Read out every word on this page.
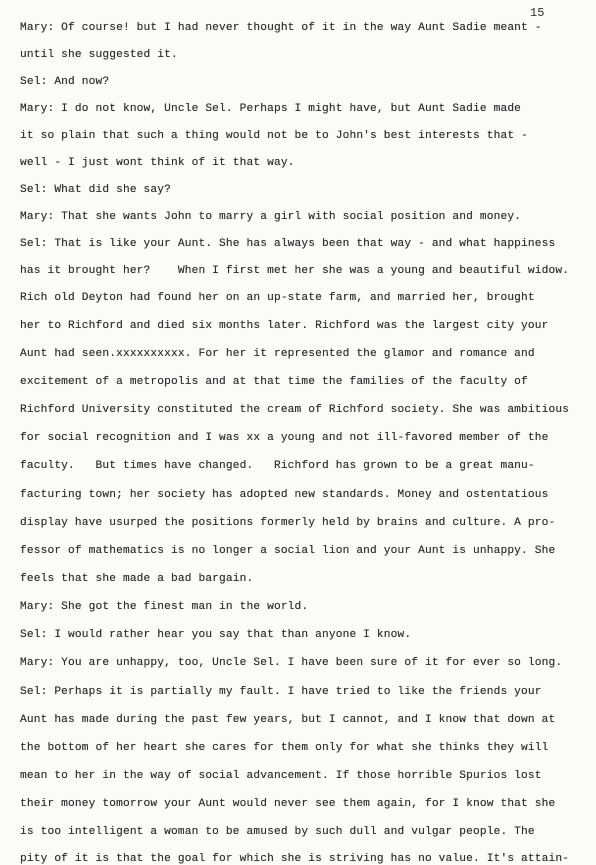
15
Mary: Of course! but I had never thought of it in the way Aunt Sadie meant -
until she suggested it.
Sel: And now?
Mary: I do not know, Uncle Sel. Perhaps I might have, but Aunt Sadie made
it so plain that such a thing would not be to John's best interests that -
well - I just wont think of it that way.
Sel: What did she say?
Mary: That she wants John to marry a girl with social position and money.
Sel: That is like your Aunt. She has always been that way - and what happiness
has it brought her?    When I first met her she was a young and beautiful widow.
Rich old Deyton had found her on an up-state farm, and married her, brought
her to Richford and died six months later. Richford was the largest city your
Aunt had seen.xxxxxxxxxx. For her it represented the glamor and romance and
excitement of a metropolis and at that time the families of the faculty of
Richford University constituted the cream of Richford society. She was ambitious
for social recognition and I was xx a young and not ill-favored member of the
faculty.   But times have changed.   Richford has grown to be a great manu-
facturing town; her society has adopted new standards. Money and ostentatious
display have usurped the positions formerly held by brains and culture. A pro-
fessor of mathematics is no longer a social lion and your Aunt is unhappy. She
feels that she made a bad bargain.
Mary: She got the finest man in the world.
Sel: I would rather hear you say that than anyone I know.
Mary: You are unhappy, too, Uncle Sel. I have been sure of it for ever so long.
Sel: Perhaps it is partially my fault. I have tried to like the friends your
Aunt has made during the past few years, but I cannot, and I know that down at
the bottom of her heart she cares for them only for what she thinks they will
mean to her in the way of social advancement. If those horrible Spurios lost
their money tomorrow your Aunt would never see them again, for I know that she
is too intelligent a woman to be amused by such dull and vulgar people. The
pity of it is that the goal for which she is striving has no value. It's attain-
